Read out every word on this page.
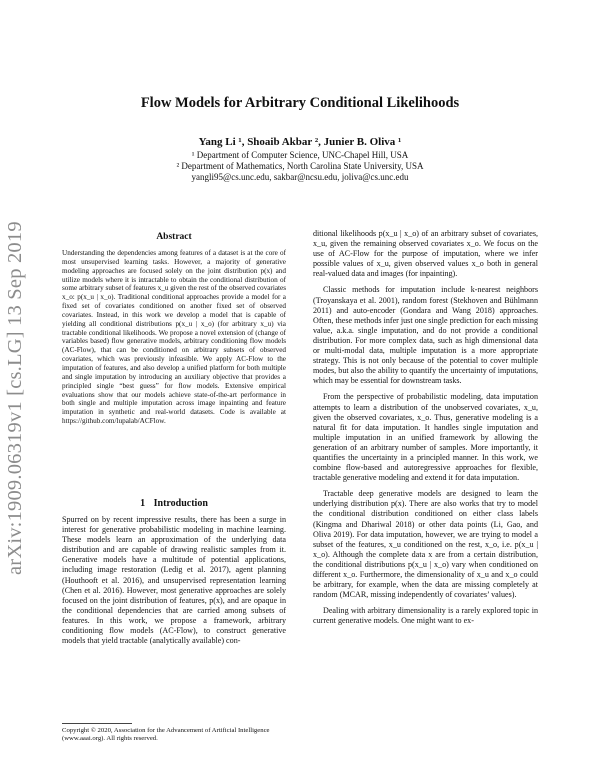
arXiv:1909.06319v1 [cs.LG] 13 Sep 2019
Flow Models for Arbitrary Conditional Likelihoods
Yang Li ¹, Shoaib Akbar ², Junier B. Oliva ¹
¹ Department of Computer Science, UNC-Chapel Hill, USA
² Department of Mathematics, North Carolina State University, USA
yangli95@cs.unc.edu, sakbar@ncsu.edu, joliva@cs.unc.edu
Abstract
Understanding the dependencies among features of a dataset is at the core of most unsupervised learning tasks. However, a majority of generative modeling approaches are focused solely on the joint distribution p(x) and utilize models where it is intractable to obtain the conditional distribution of some arbitrary subset of features x_u given the rest of the observed covariates x_o: p(x_u | x_o). Traditional conditional approaches provide a model for a fixed set of covariates conditioned on another fixed set of observed covariates. Instead, in this work we develop a model that is capable of yielding all conditional distributions p(x_u | x_o) (for arbitrary x_u) via tractable conditional likelihoods. We propose a novel extension of (change of variables based) flow generative models, arbitrary conditioning flow models (AC-Flow), that can be conditioned on arbitrary subsets of observed covariates, which was previously infeasible. We apply AC-Flow to the imputation of features, and also develop a unified platform for both multiple and single imputation by introducing an auxiliary objective that provides a principled single “best guess” for flow models. Extensive empirical evaluations show that our models achieve state-of-the-art performance in both single and multiple imputation across image inpainting and feature imputation in synthetic and real-world datasets. Code is available at https://github.com/lupalab/ACFlow.
1 Introduction
Spurred on by recent impressive results, there has been a surge in interest for generative probabilistic modeling in machine learning. These models learn an approximation of the underlying data distribution and are capable of drawing realistic samples from it. Generative models have a multitude of potential applications, including image restoration (Ledig et al. 2017), agent planning (Houthooft et al. 2016), and unsupervised representation learning (Chen et al. 2016). However, most generative approaches are solely focused on the joint distribution of features, p(x), and are opaque in the conditional dependencies that are carried among subsets of features. In this work, we propose a framework, arbitrary conditioning flow models (AC-Flow), to construct generative models that yield tractable (analytically available) con-
Copyright © 2020, Association for the Advancement of Artificial Intelligence (www.aaai.org). All rights reserved.

ditional likelihoods p(x_u | x_o) of an arbitrary subset of covariates, x_u, given the remaining observed covariates x_o. We focus on the use of AC-Flow for the purpose of imputation, where we infer possible values of x_u, given observed values x_o both in general real-valued data and images (for inpainting).

Classic methods for imputation include k-nearest neighbors (Troyanskaya et al. 2001), random forest (Stekhoven and Bühlmann 2011) and auto-encoder (Gondara and Wang 2018) approaches. Often, these methods infer just one single prediction for each missing value, a.k.a. single imputation, and do not provide a conditional distribution. For more complex data, such as high dimensional data or multi-modal data, multiple imputation is a more appropriate strategy. This is not only because of the potential to cover multiple modes, but also the ability to quantify the uncertainty of imputations, which may be essential for downstream tasks.

From the perspective of probabilistic modeling, data imputation attempts to learn a distribution of the unobserved covariates, x_u, given the observed covariates, x_o. Thus, generative modeling is a natural fit for data imputation. It handles single imputation and multiple imputation in an unified framework by allowing the generation of an arbitrary number of samples. More importantly, it quantifies the uncertainty in a principled manner. In this work, we combine flow-based and autoregressive approaches for flexible, tractable generative modeling and extend it for data imputation.

Tractable deep generative models are designed to learn the underlying distribution p(x). There are also works that try to model the conditional distribution conditioned on either class labels (Kingma and Dhariwal 2018) or other data points (Li, Gao, and Oliva 2019). For data imputation, however, we are trying to model a subset of the features, x_u conditioned on the rest, x_o, i.e. p(x_u | x_o). Although the complete data x are from a certain distribution, the conditional distributions p(x_u | x_o) vary when conditioned on different x_o. Furthermore, the dimensionality of x_u and x_o could be arbitrary, for example, when the data are missing completely at random (MCAR, missing independently of covariates’ values).

Dealing with arbitrary dimensionality is a rarely explored topic in current generative models. One might want to ex-
